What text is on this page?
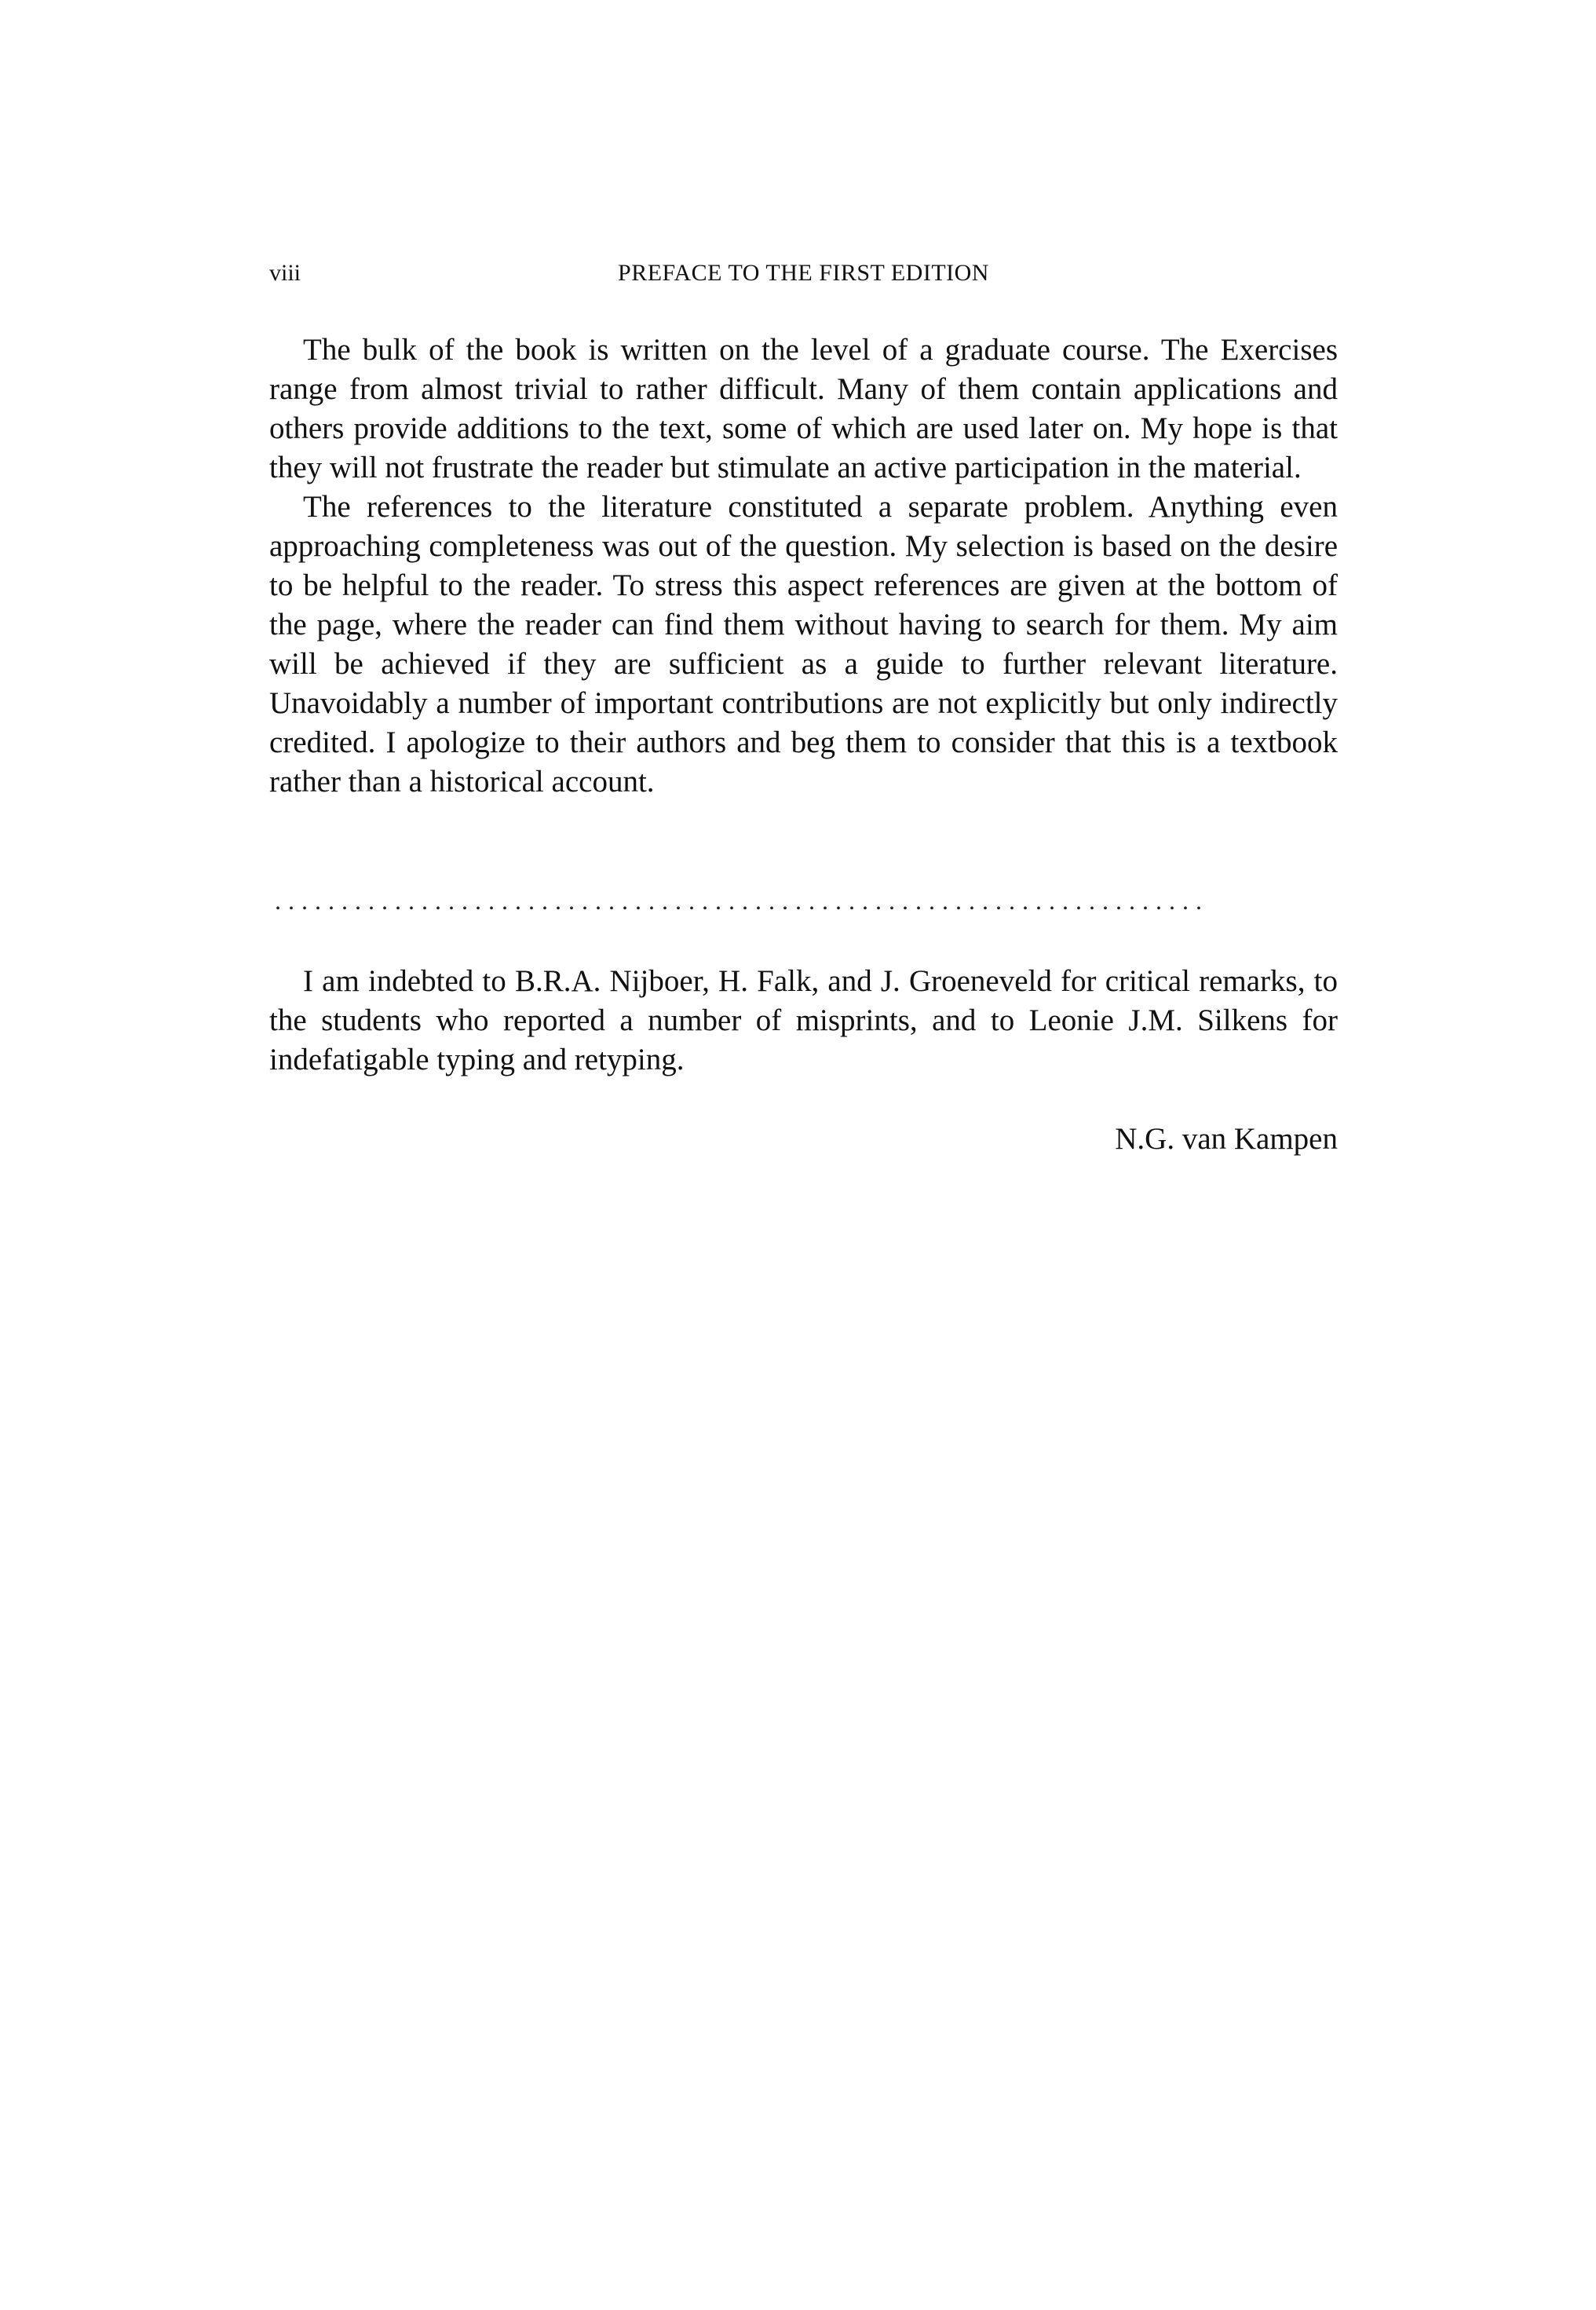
viii	PREFACE TO THE FIRST EDITION

The bulk of the book is written on the level of a graduate course. The Exercises range from almost trivial to rather difficult. Many of them contain applications and others provide additions to the text, some of which are used later on. My hope is that they will not frustrate the reader but stimulate an active participation in the material.

The references to the literature constituted a separate problem. Anything even approaching completeness was out of the question. My selection is based on the desire to be helpful to the reader. To stress this aspect references are given at the bottom of the page, where the reader can find them without having to search for them. My aim will be achieved if they are sufficient as a guide to further relevant literature. Unavoidably a number of important contributions are not explicitly but only indirectly credited. I apologize to their authors and beg them to consider that this is a textbook rather than a historical account.

......................................................................

I am indebted to B.R.A. Nijboer, H. Falk, and J. Groeneveld for critical remarks, to the students who reported a number of misprints, and to Leonie J.M. Silkens for indefatigable typing and retyping.

N.G. van Kampen
